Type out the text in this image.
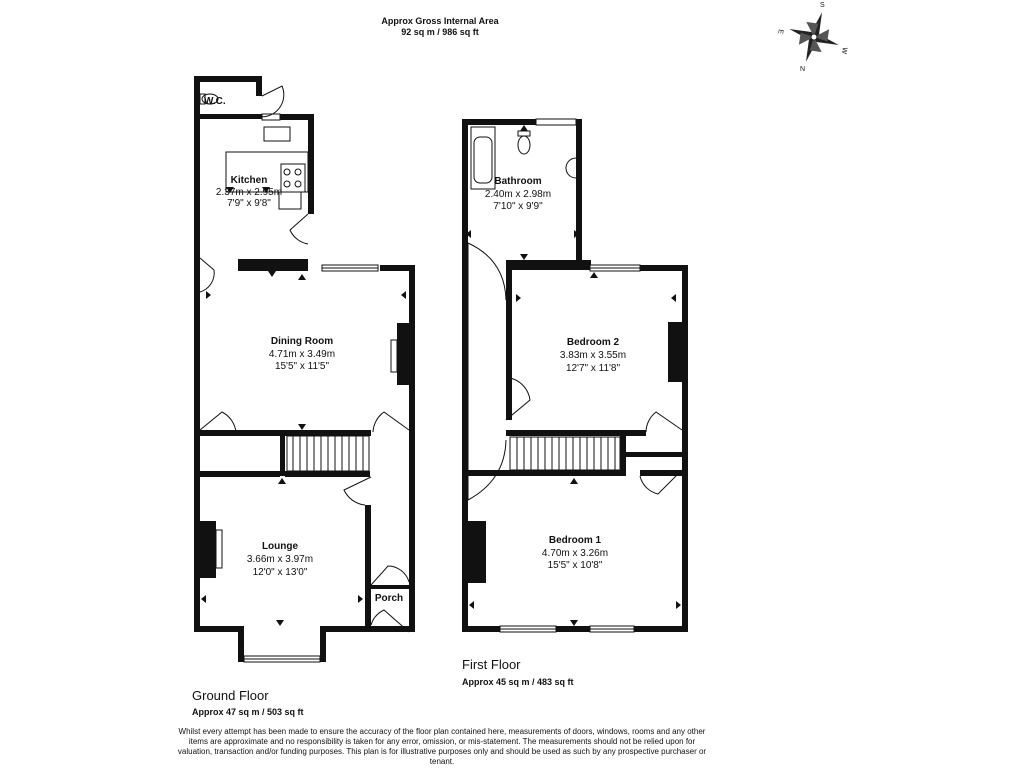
Approx Gross Internal Area
92 sq m / 986 sq ft
S
W
N
E
W.C.
Kitchen
2.37m x 2.95m
7'9" x 9'8"
Dining Room
4.71m x 3.49m
15'5" x 11'5"
Lounge
3.66m x 3.97m
12'0" x 13'0"
Porch
Bathroom
2.40m x 2.98m
7'10" x 9'9"
Bedroom 2
3.83m x 3.55m
12'7" x 11'8"
Bedroom 1
4.70m x 3.26m
15'5" x 10'8"
First Floor
Approx 45 sq m / 483 sq ft
Ground Floor
Approx 47 sq m / 503 sq ft
Whilst every attempt has been made to ensure the accuracy of the floor plan contained here, measurements of doors, windows, rooms and any other items are approximate and no responsibility is taken for any error, omission, or mis-statement. The measurements should not be relied upon for valuation, transaction and/or funding purposes. This plan is for illustrative purposes only and should be used as such by any prospective purchaser or tenant.
